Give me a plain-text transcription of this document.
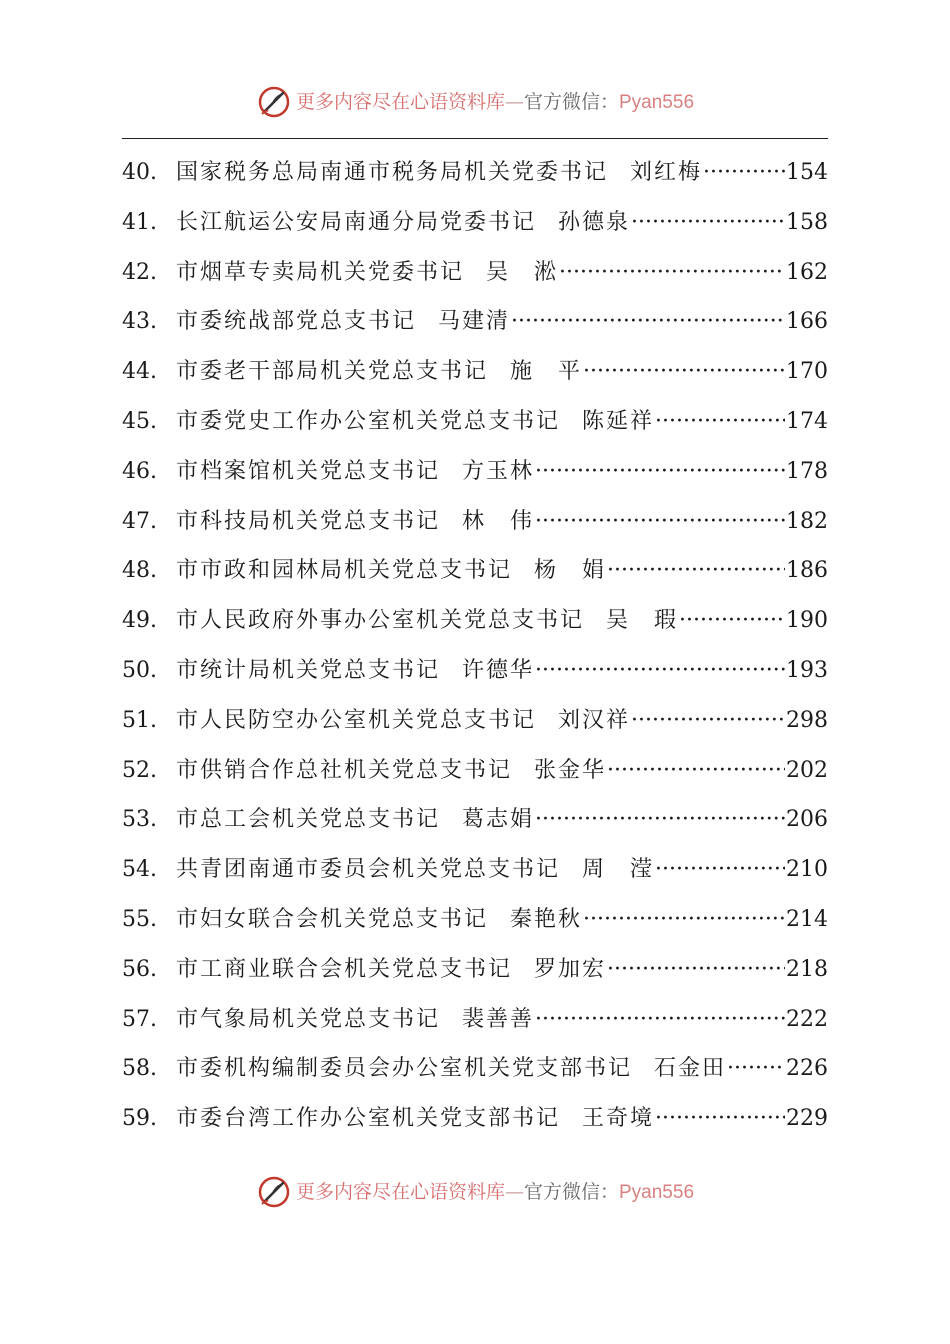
更多内容尽在心语资料库—官方微信：Pyan556
40. 国家税务总局南通市税务局机关党委书记 刘红梅 ·····	154
41. 长江航运公安局南通分局党委书记 孙德泉 ·····	158
42. 市烟草专卖局机关党委书记 吴　淞 ·····	162
43. 市委统战部党总支书记 马建清 ·····	166
44. 市委老干部局机关党总支书记 施　平 ·····	170
45. 市委党史工作办公室机关党总支书记 陈延祥 ·····	174
46. 市档案馆机关党总支书记 方玉林 ·····	178
47. 市科技局机关党总支书记 林　伟 ·····	182
48. 市市政和园林局机关党总支书记 杨　娟 ·····	186
49. 市人民政府外事办公室机关党总支书记 吴　瑕 ·····	190
50. 市统计局机关党总支书记 许德华 ·····	193
51. 市人民防空办公室机关党总支书记 刘汉祥 ·····	298
52. 市供销合作总社机关党总支书记 张金华 ·····	202
53. 市总工会机关党总支书记 葛志娟 ·····	206
54. 共青团南通市委员会机关党总支书记 周　滢 ·····	210
55. 市妇女联合会机关党总支书记 秦艳秋 ·····	214
56. 市工商业联合会机关党总支书记 罗加宏 ·····	218
57. 市气象局机关党总支书记 裴善善 ·····	222
58. 市委机构编制委员会办公室机关党支部书记 石金田 ·····	226
59. 市委台湾工作办公室机关党支部书记 王奇境 ·····	229
更多内容尽在心语资料库—官方微信：Pyan556
